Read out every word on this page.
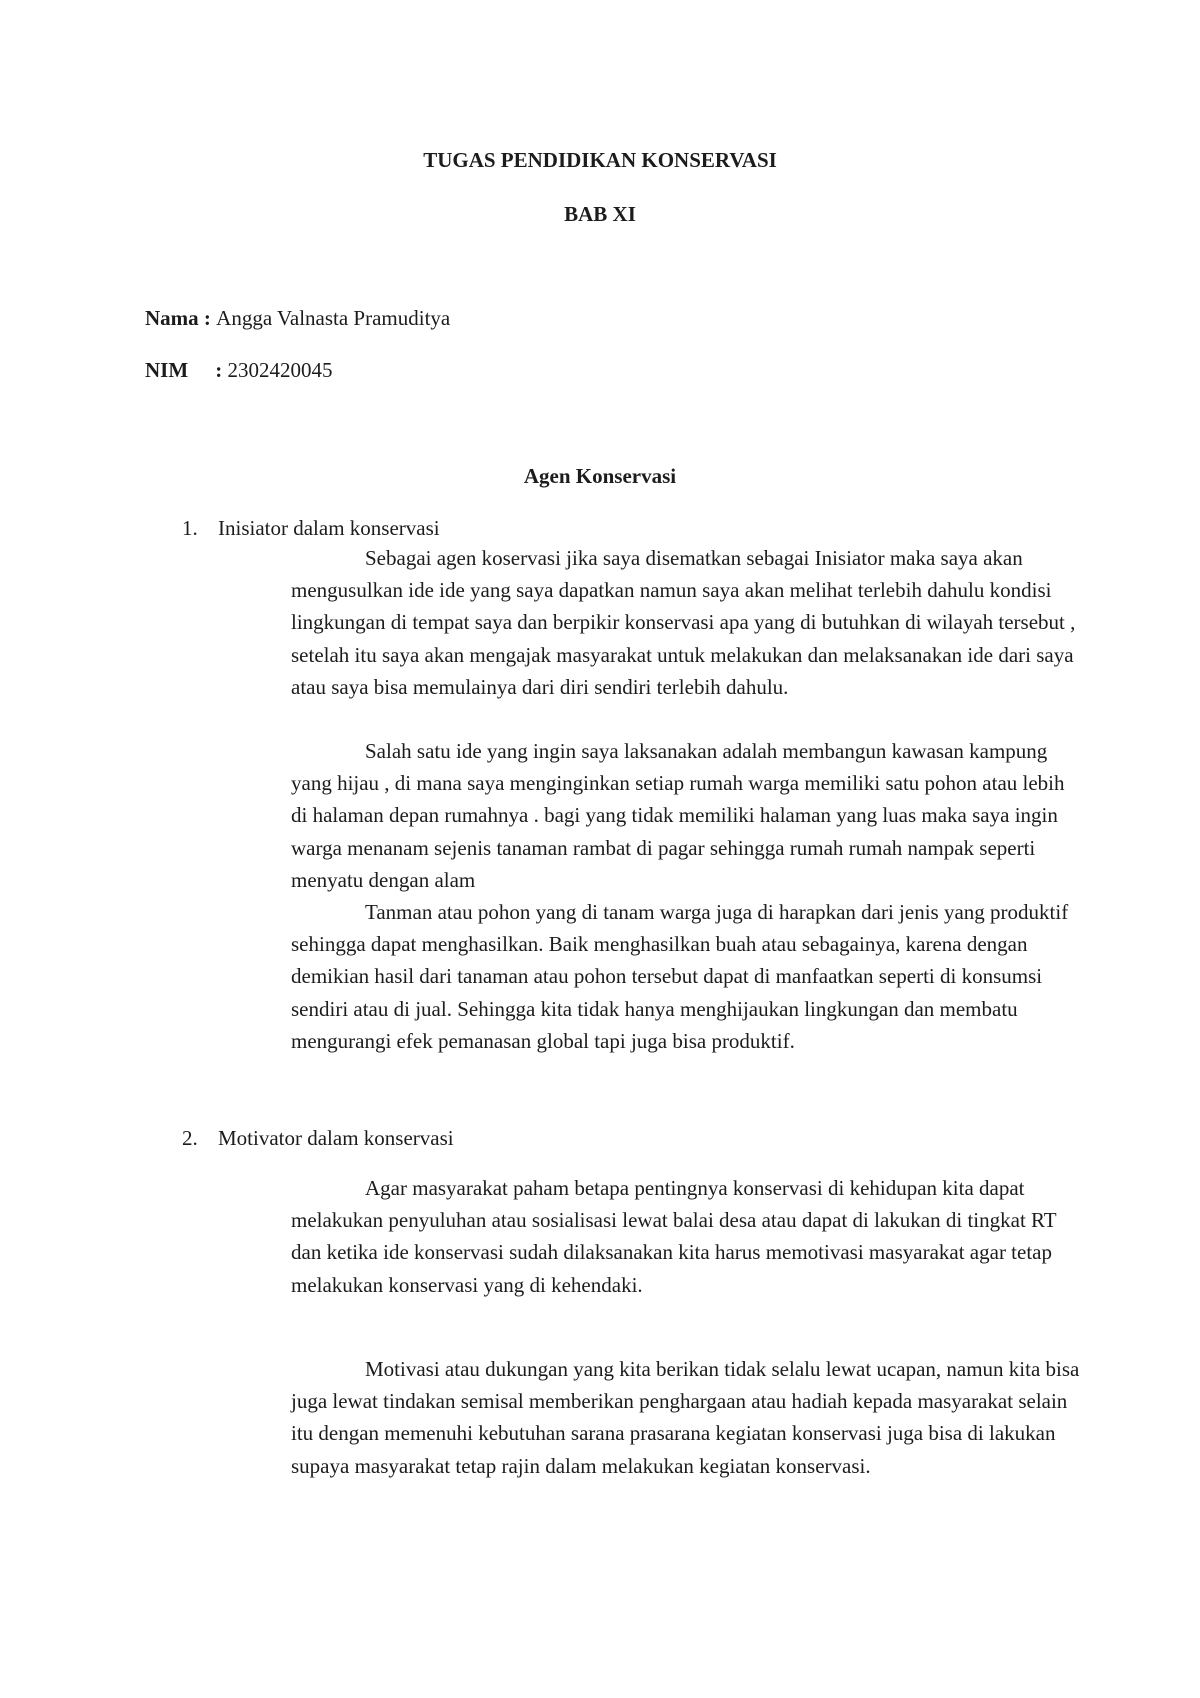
TUGAS PENDIDIKAN KONSERVASI
BAB XI
Nama : Angga Valnasta Pramuditya
NIM : 2302420045
Agen Konservasi
1. Inisiator dalam konservasi

Sebagai agen koservasi jika saya disematkan sebagai Inisiator maka saya akan mengusulkan ide ide yang saya dapatkan namun saya akan melihat terlebih dahulu kondisi lingkungan di tempat saya dan berpikir konservasi apa yang di butuhkan di wilayah tersebut , setelah itu saya akan mengajak masyarakat untuk melakukan dan melaksanakan ide dari saya atau saya bisa memulainya dari diri sendiri terlebih dahulu.

Salah satu ide yang ingin saya laksanakan adalah membangun kawasan kampung yang hijau , di mana saya menginginkan setiap rumah warga memiliki satu pohon atau lebih di halaman depan rumahnya . bagi yang tidak memiliki halaman yang luas maka saya ingin warga menanam sejenis tanaman rambat di pagar sehingga rumah rumah nampak seperti menyatu dengan alam

Tanman atau pohon yang di tanam warga juga di harapkan dari jenis yang produktif sehingga dapat menghasilkan. Baik menghasilkan buah atau sebagainya, karena dengan demikian hasil dari tanaman atau pohon tersebut dapat di manfaatkan seperti di konsumsi sendiri atau di jual. Sehingga kita tidak hanya menghijaukan lingkungan dan membatu mengurangi efek pemanasan global tapi juga bisa produktif.

2. Motivator dalam konservasi

Agar masyarakat paham betapa pentingnya konservasi di kehidupan kita dapat melakukan penyuluhan atau sosialisasi lewat balai desa atau dapat di lakukan di tingkat RT dan ketika ide konservasi sudah dilaksanakan kita harus memotivasi masyarakat agar tetap melakukan konservasi yang di kehendaki.

Motivasi atau dukungan yang kita berikan tidak selalu lewat ucapan, namun kita bisa juga lewat tindakan semisal memberikan penghargaan atau hadiah kepada masyarakat selain itu dengan memenuhi kebutuhan sarana prasarana kegiatan konservasi juga bisa di lakukan supaya masyarakat tetap rajin dalam melakukan kegiatan konservasi.
